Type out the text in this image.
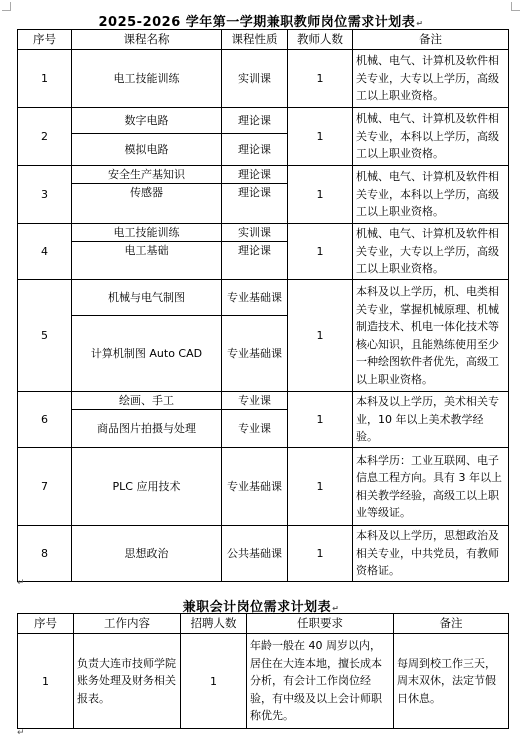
2025-2026 学年第一学期兼职教师岗位需求计划表↵
序号	课程名称	课程性质	教师人数	备注
1	电工技能训练	实训课	1	机械、电气、计算机及软件相关专业，大专以上学历，高级工以上职业资格。
2	数字电路	理论课	1	机械、电气、计算机及软件相关专业，本科以上学历，高级工以上职业资格。
	模拟电路	理论课		
3	安全生产基知识	理论课	1	机械、电气、计算机及软件相关专业，本科以上学历，高级工以上职业资格。
	传感器	理论课		
4	电工技能训练	实训课	1	机械、电气、计算机及软件相关专业，大专以上学历，高级工以上职业资格。
	电工基础	理论课		
5	机械与电气制图	专业基础课	1	本科及以上学历，机、电类相关专业，掌握机械原理、机械制造技术、机电一体化技术等核心知识，且能熟练使用至少一种绘图软件者优先，高级工以上职业资格。
	计算机制图 Auto CAD	专业基础课		
6	绘画、手工	专业课	1	本科及以上学历，美术相关专业，10 年以上美术教学经验。
	商品图片拍摄与处理	专业课		
7	PLC 应用技术	专业基础课	1	本科学历：工业互联网、电子信息工程方向。具有 3 年以上相关教学经验，高级工以上职业等级证。
8	思想政治	公共基础课	1	本科及以上学历，思想政治及相关专业，中共党员，有教师资格证。
↵
兼职会计岗位需求计划表↵
序号	工作内容	招聘人数	任职要求	备注
1	负责大连市技师学院账务处理及财务相关报表。	1	年龄一般在 40 周岁以内，居住在大连本地，擅长成本分析，有会计工作岗位经验，有中级及以上会计师职称优先。	每周到校工作三天，周末双休，法定节假日休息。
↵
